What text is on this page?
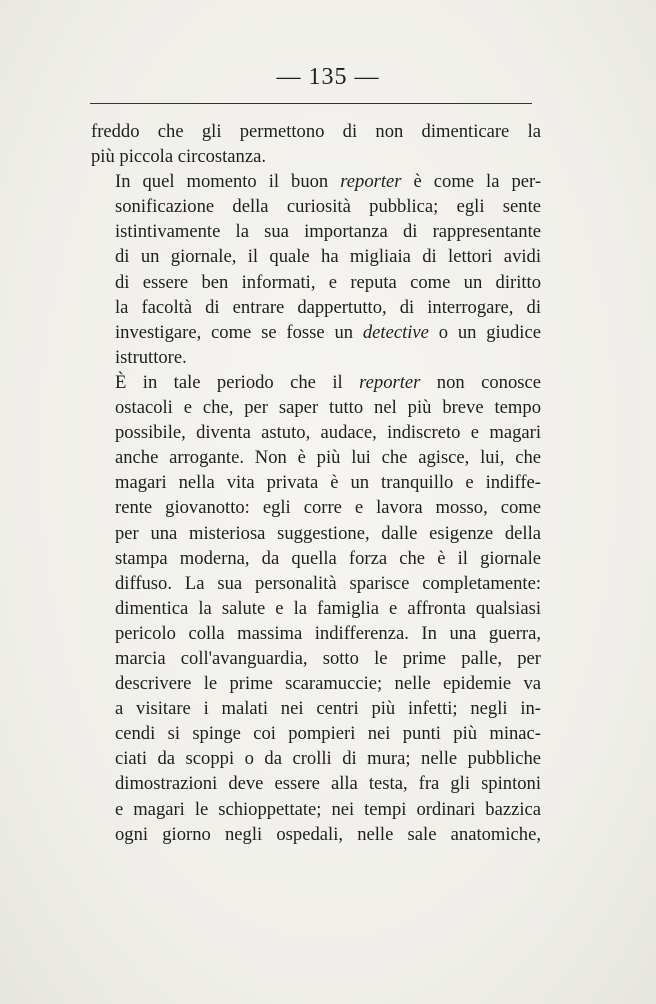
— 135 —

freddo che gli permettono di non dimenticare la
più piccola circostanza.

In quel momento il buon reporter è come la per-
sonificazione della curiosità pubblica; egli sente
istintivamente la sua importanza di rappresentante
di un giornale, il quale ha migliaia di lettori avidi
di essere ben informati, e reputa come un diritto
la facoltà di entrare dappertutto, di interrogare, di
investigare, come se fosse un detective o un giudice
istruttore.

È in tale periodo che il reporter non conosce
ostacoli e che, per saper tutto nel più breve tempo
possibile, diventa astuto, audace, indiscreto e magari
anche arrogante. Non è più lui che agisce, lui, che
magari nella vita privata è un tranquillo e indiffe-
rente giovanotto: egli corre e lavora mosso, come
per una misteriosa suggestione, dalle esigenze della
stampa moderna, da quella forza che è il giornale
diffuso. La sua personalità sparisce completamente:
dimentica la salute e la famiglia e affronta qualsiasi
pericolo colla massima indifferenza. In una guerra,
marcia coll'avanguardia, sotto le prime palle, per
descrivere le prime scaramuccie; nelle epidemie va
a visitare i malati nei centri più infetti; negli in-
cendi si spinge coi pompieri nei punti più minac-
ciati da scoppi o da crolli di mura; nelle pubbliche
dimostrazioni deve essere alla testa, fra gli spintoni
e magari le schioppettate; nei tempi ordinari bazzica
ogni giorno negli ospedali, nelle sale anatomiche,
